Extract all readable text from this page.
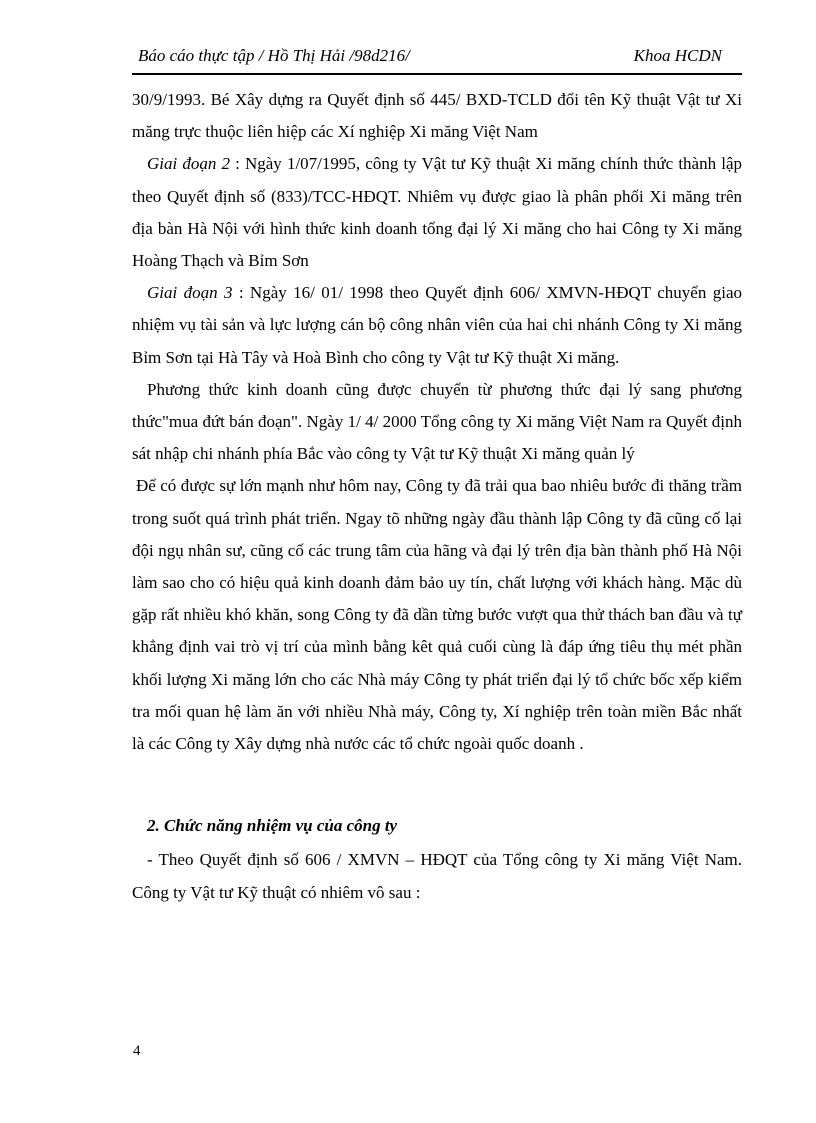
Báo cáo thực tập / Hồ Thị Hải /98d216/	Khoa HCDN

30/9/1993. Bé Xây dựng ra Quyết định số 445/ BXD-TCLD đổi tên Kỹ thuật Vật tư Xi măng trực thuộc liên hiệp các Xí nghiệp Xi măng Việt Nam

Giai đoạn 2 : Ngày 1/07/1995, công ty Vật tư Kỹ thuật Xi măng chính thức thành lập theo Quyết định số (833)/TCC-HĐQT. Nhiêm vụ được giao là phân phối Xi măng trên địa bàn Hà Nội với hình thức kinh doanh tổng đại lý Xi măng cho hai Công ty Xi măng Hoàng Thạch và Bỉm Sơn

Giai đoạn 3 : Ngày 16/ 01/ 1998 theo Quyết định 606/ XMVN-HĐQT chuyển giao nhiệm vụ tài sản và lực lượng cán bộ công nhân viên của hai chi nhánh Công ty Xi măng Bỉm Sơn tại Hà Tây và Hoà Bình cho công ty Vật tư Kỹ thuật Xi măng.

Phương thức kinh doanh cũng được chuyển từ phương thức đại lý sang phương thức"mua đứt bán đoạn". Ngày 1/ 4/ 2000 Tổng công ty Xi măng Việt Nam ra Quyết định sát nhập chi nhánh phía Bắc vào công ty Vật tư Kỹ thuật Xi măng quản lý

Để có được sự lớn mạnh như hôm nay, Công ty đã trải qua bao nhiêu bước đi thăng trầm trong suốt quá trình phát triển. Ngay tõ những ngày đầu thành lập Công ty đã cũng cố lại đội ngụ nhân sư, cũng cố các trung tâm của hãng và đại lý trên địa bàn thành phố Hà Nội làm sao cho có hiệu quả kinh doanh đảm bảo uy tín, chất lượng với khách hàng. Mặc dù gặp rất nhiều khó khăn, song Công ty đã dần từng bước vượt qua thử thách ban đầu và tự khẳng định vai trò vị trí của mình bằng kêt quả cuối cùng là đáp ứng tiêu thụ mét phần khối lượng Xi măng lớn cho các Nhà máy Công ty phát triển đại lý tổ chức bốc xếp kiểm tra mối quan hệ làm ăn với nhiều Nhà máy, Công ty, Xí nghiệp trên toàn miền Bắc nhất là các Công ty Xây dựng nhà nước các tổ chức ngoài quốc doanh .

2. Chức năng nhiệm vụ của công ty

- Theo Quyết định số 606 / XMVN – HĐQT của Tổng công ty Xi măng Việt Nam. Công ty Vật tư Kỹ thuật có nhiêm vô sau :

4
